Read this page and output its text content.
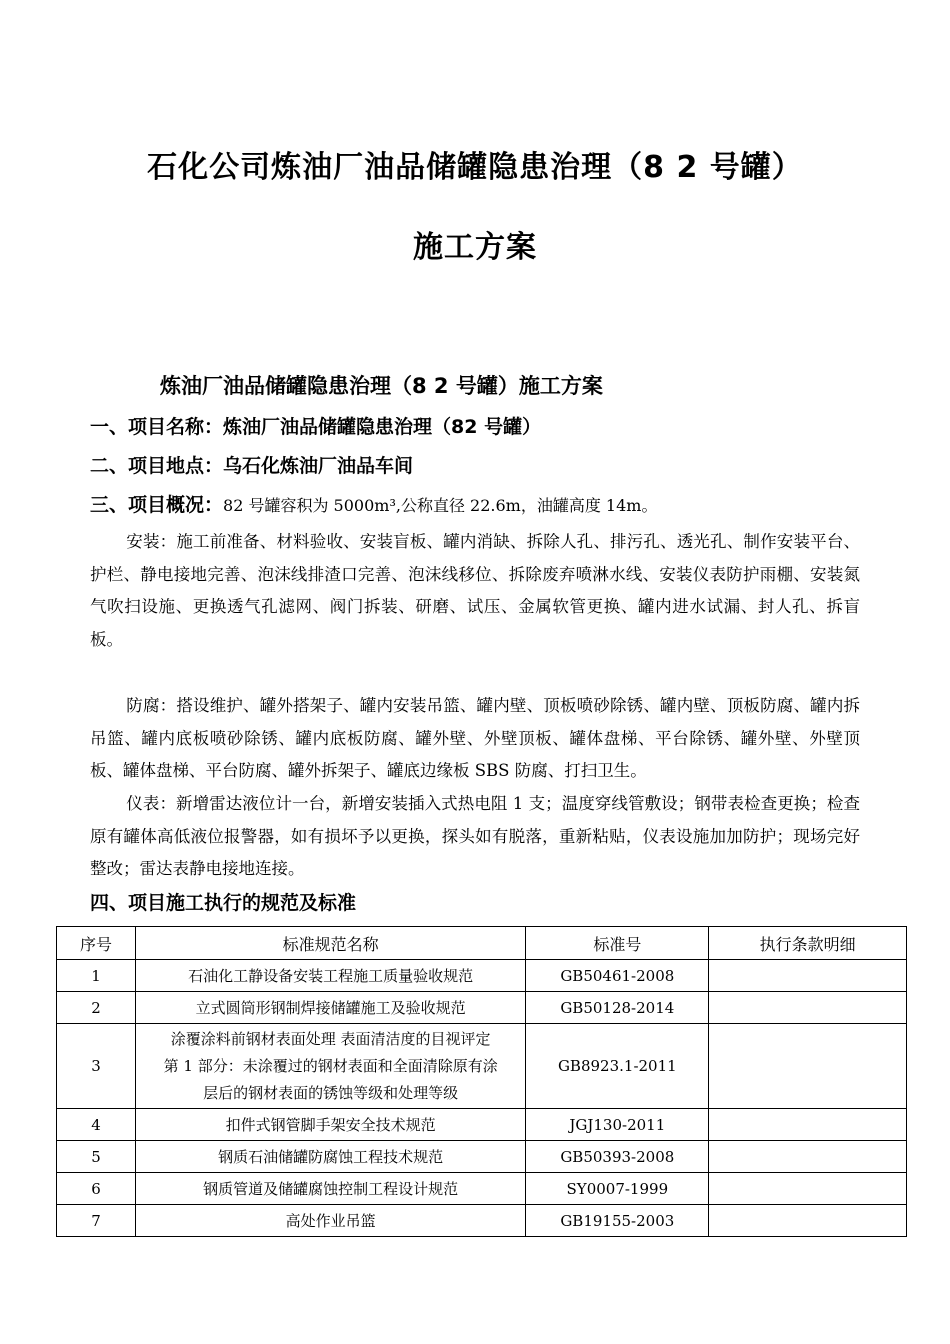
石化公司炼油厂油品储罐隐患治理（8 2 号罐）
施工方案
炼油厂油品储罐隐患治理（8 2 号罐）施工方案

一、项目名称：炼油厂油品储罐隐患治理（82 号罐）

二、项目地点：乌石化炼油厂油品车间

三、项目概况：82 号罐容积为 5000m³,公称直径 22.6m，油罐高度 14m。

安装：施工前准备、材料验收、安装盲板、罐内消缺、拆除人孔、排污孔、透光孔、制作安装平台、护栏、静电接地完善、泡沫线排渣口完善、泡沫线移位、拆除废弃喷淋水线、安装仪表防护雨棚、安装氮气吹扫设施、更换透气孔滤网、阀门拆装、研磨、试压、金属软管更换、罐内进水试漏、封人孔、拆盲板。

防腐：搭设维护、罐外搭架子、罐内安装吊篮、罐内壁、顶板喷砂除锈、罐内壁、顶板防腐、罐内拆吊篮、罐内底板喷砂除锈、罐内底板防腐、罐外壁、外壁顶板、罐体盘梯、平台除锈、罐外壁、外壁顶板、罐体盘梯、平台防腐、罐外拆架子、罐底边缘板 SBS 防腐、打扫卫生。

仪表：新增雷达液位计一台，新增安装插入式热电阻 1 支；温度穿线管敷设；钢带表检查更换；检查原有罐体高低液位报警器，如有损坏予以更换，探头如有脱落，重新粘贴，仪表设施加加防护；现场完好整改；雷达表静电接地连接。

四、项目施工执行的规范及标准
序号	标准规范名称	标准号	执行条款明细
1	石油化工静设备安装工程施工质量验收规范	GB50461-2008	
2	立式圆筒形钢制焊接储罐施工及验收规范	GB50128-2014	
3	涂覆涂料前钢材表面处理 表面清洁度的目视评定
第 1 部分：未涂覆过的钢材表面和全面清除原有涂
层后的钢材表面的锈蚀等级和处理等级	GB8923.1-2011	
4	扣件式钢管脚手架安全技术规范	JGJ130-2011	
5	钢质石油储罐防腐蚀工程技术规范	GB50393-2008	
6	钢质管道及储罐腐蚀控制工程设计规范	SY0007-1999	
7	高处作业吊篮	GB19155-2003	
